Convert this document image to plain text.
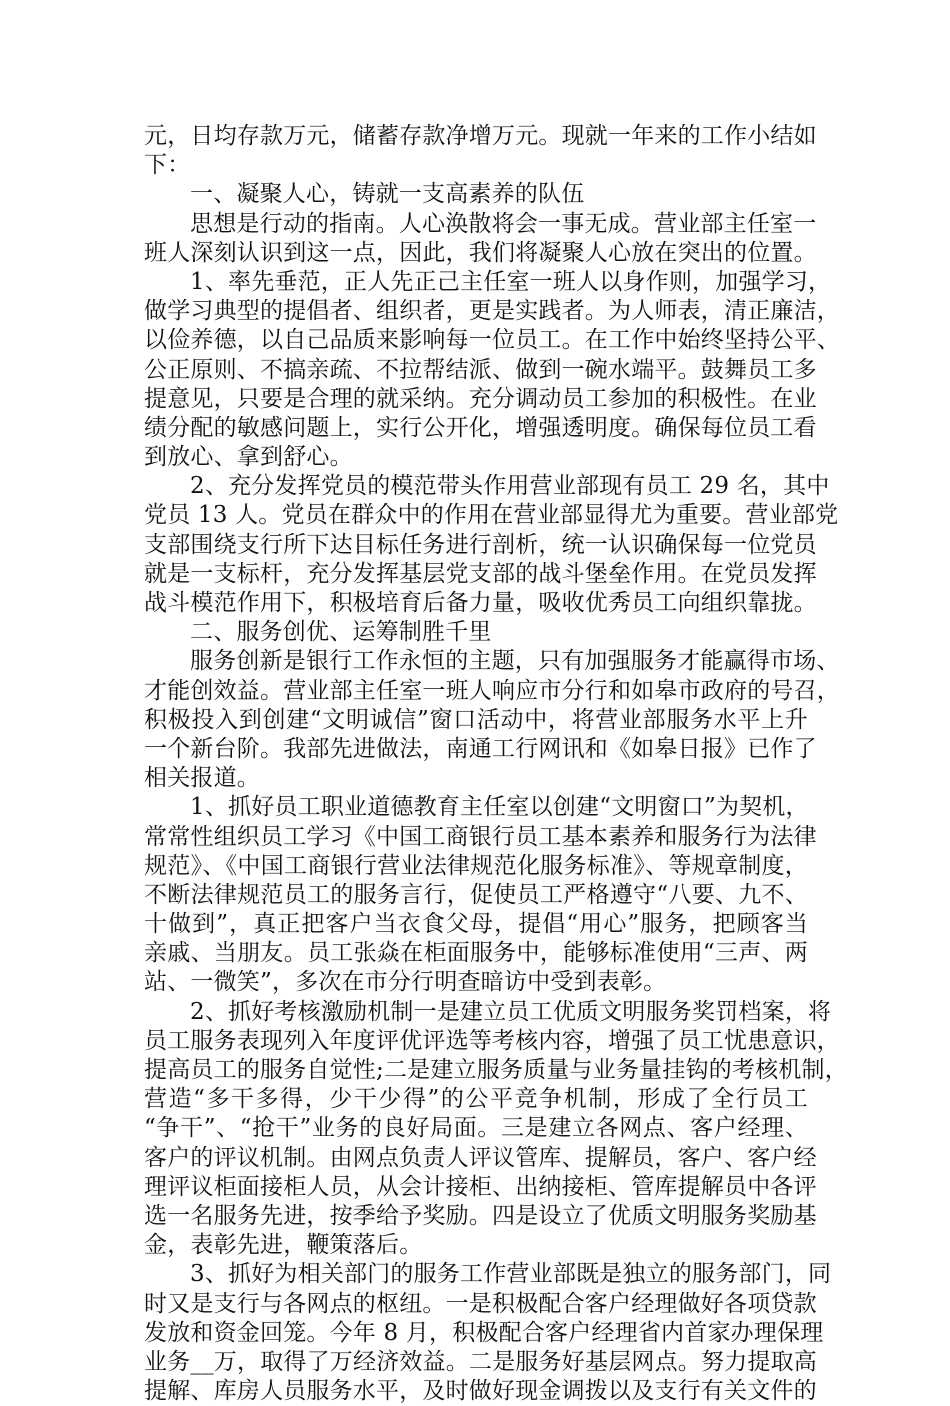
元，日均存款万元，储蓄存款净增万元。现就一年来的工作小结如
下：
一、凝聚人心，铸就一支高素养的队伍
思想是行动的指南。人心涣散将会一事无成。营业部主任室一
班人深刻认识到这一点，因此，我们将凝聚人心放在突出的位置。
1、率先垂范，正人先正己主任室一班人以身作则，加强学习，
做学习典型的提倡者、组织者，更是实践者。为人师表，清正廉洁，
以俭养德，以自己品质来影响每一位员工。在工作中始终坚持公平、
公正原则、不搞亲疏、不拉帮结派、做到一碗水端平。鼓舞员工多
提意见，只要是合理的就采纳。充分调动员工参加的积极性。在业
绩分配的敏感问题上，实行公开化，增强透明度。确保每位员工看
到放心、拿到舒心。
2、充分发挥党员的模范带头作用营业部现有员工 29 名，其中
党员 13 人。党员在群众中的作用在营业部显得尤为重要。营业部党
支部围绕支行所下达目标任务进行剖析，统一认识确保每一位党员
就是一支标杆，充分发挥基层党支部的战斗堡垒作用。在党员发挥
战斗模范作用下，积极培育后备力量，吸收优秀员工向组织靠拢。
二、服务创优、运筹制胜千里
服务创新是银行工作永恒的主题，只有加强服务才能赢得市场、
才能创效益。营业部主任室一班人响应市分行和如皋市政府的号召，
积极投入到创建“文明诚信”窗口活动中，将营业部服务水平上升
一个新台阶。我部先进做法，南通工行网讯和《如皋日报》已作了
相关报道。
1、抓好员工职业道德教育主任室以创建“文明窗口”为契机，
常常性组织员工学习《中国工商银行员工基本素养和服务行为法律
规范》、《中国工商银行营业法律规范化服务标准》、等规章制度，
不断法律规范员工的服务言行，促使员工严格遵守“八要、九不、
十做到”，真正把客户当衣食父母，提倡“用心”服务，把顾客当
亲戚、当朋友。员工张焱在柜面服务中，能够标准使用“三声、两
站、一微笑”，多次在市分行明查暗访中受到表彰。
2、抓好考核激励机制一是建立员工优质文明服务奖罚档案，将
员工服务表现列入年度评优评选等考核内容，增强了员工忧患意识，
提高员工的服务自觉性;二是建立服务质量与业务量挂钩的考核机制，
营造“多干多得，少干少得”的公平竞争机制，形成了全行员工
“争干”、“抢干”业务的良好局面。三是建立各网点、客户经理、
客户的评议机制。由网点负责人评议管库、提解员，客户、客户经
理评议柜面接柜人员，从会计接柜、出纳接柜、管库提解员中各评
选一名服务先进，按季给予奖励。四是设立了优质文明服务奖励基
金，表彰先进，鞭策落后。
3、抓好为相关部门的服务工作营业部既是独立的服务部门，同
时又是支行与各网点的枢纽。一是积极配合客户经理做好各项贷款
发放和资金回笼。今年 8 月，积极配合客户经理省内首家办理保理
业务__万，取得了万经济效益。二是服务好基层网点。努力提取高
提解、库房人员服务水平，及时做好现金调拨以及支行有关文件的
